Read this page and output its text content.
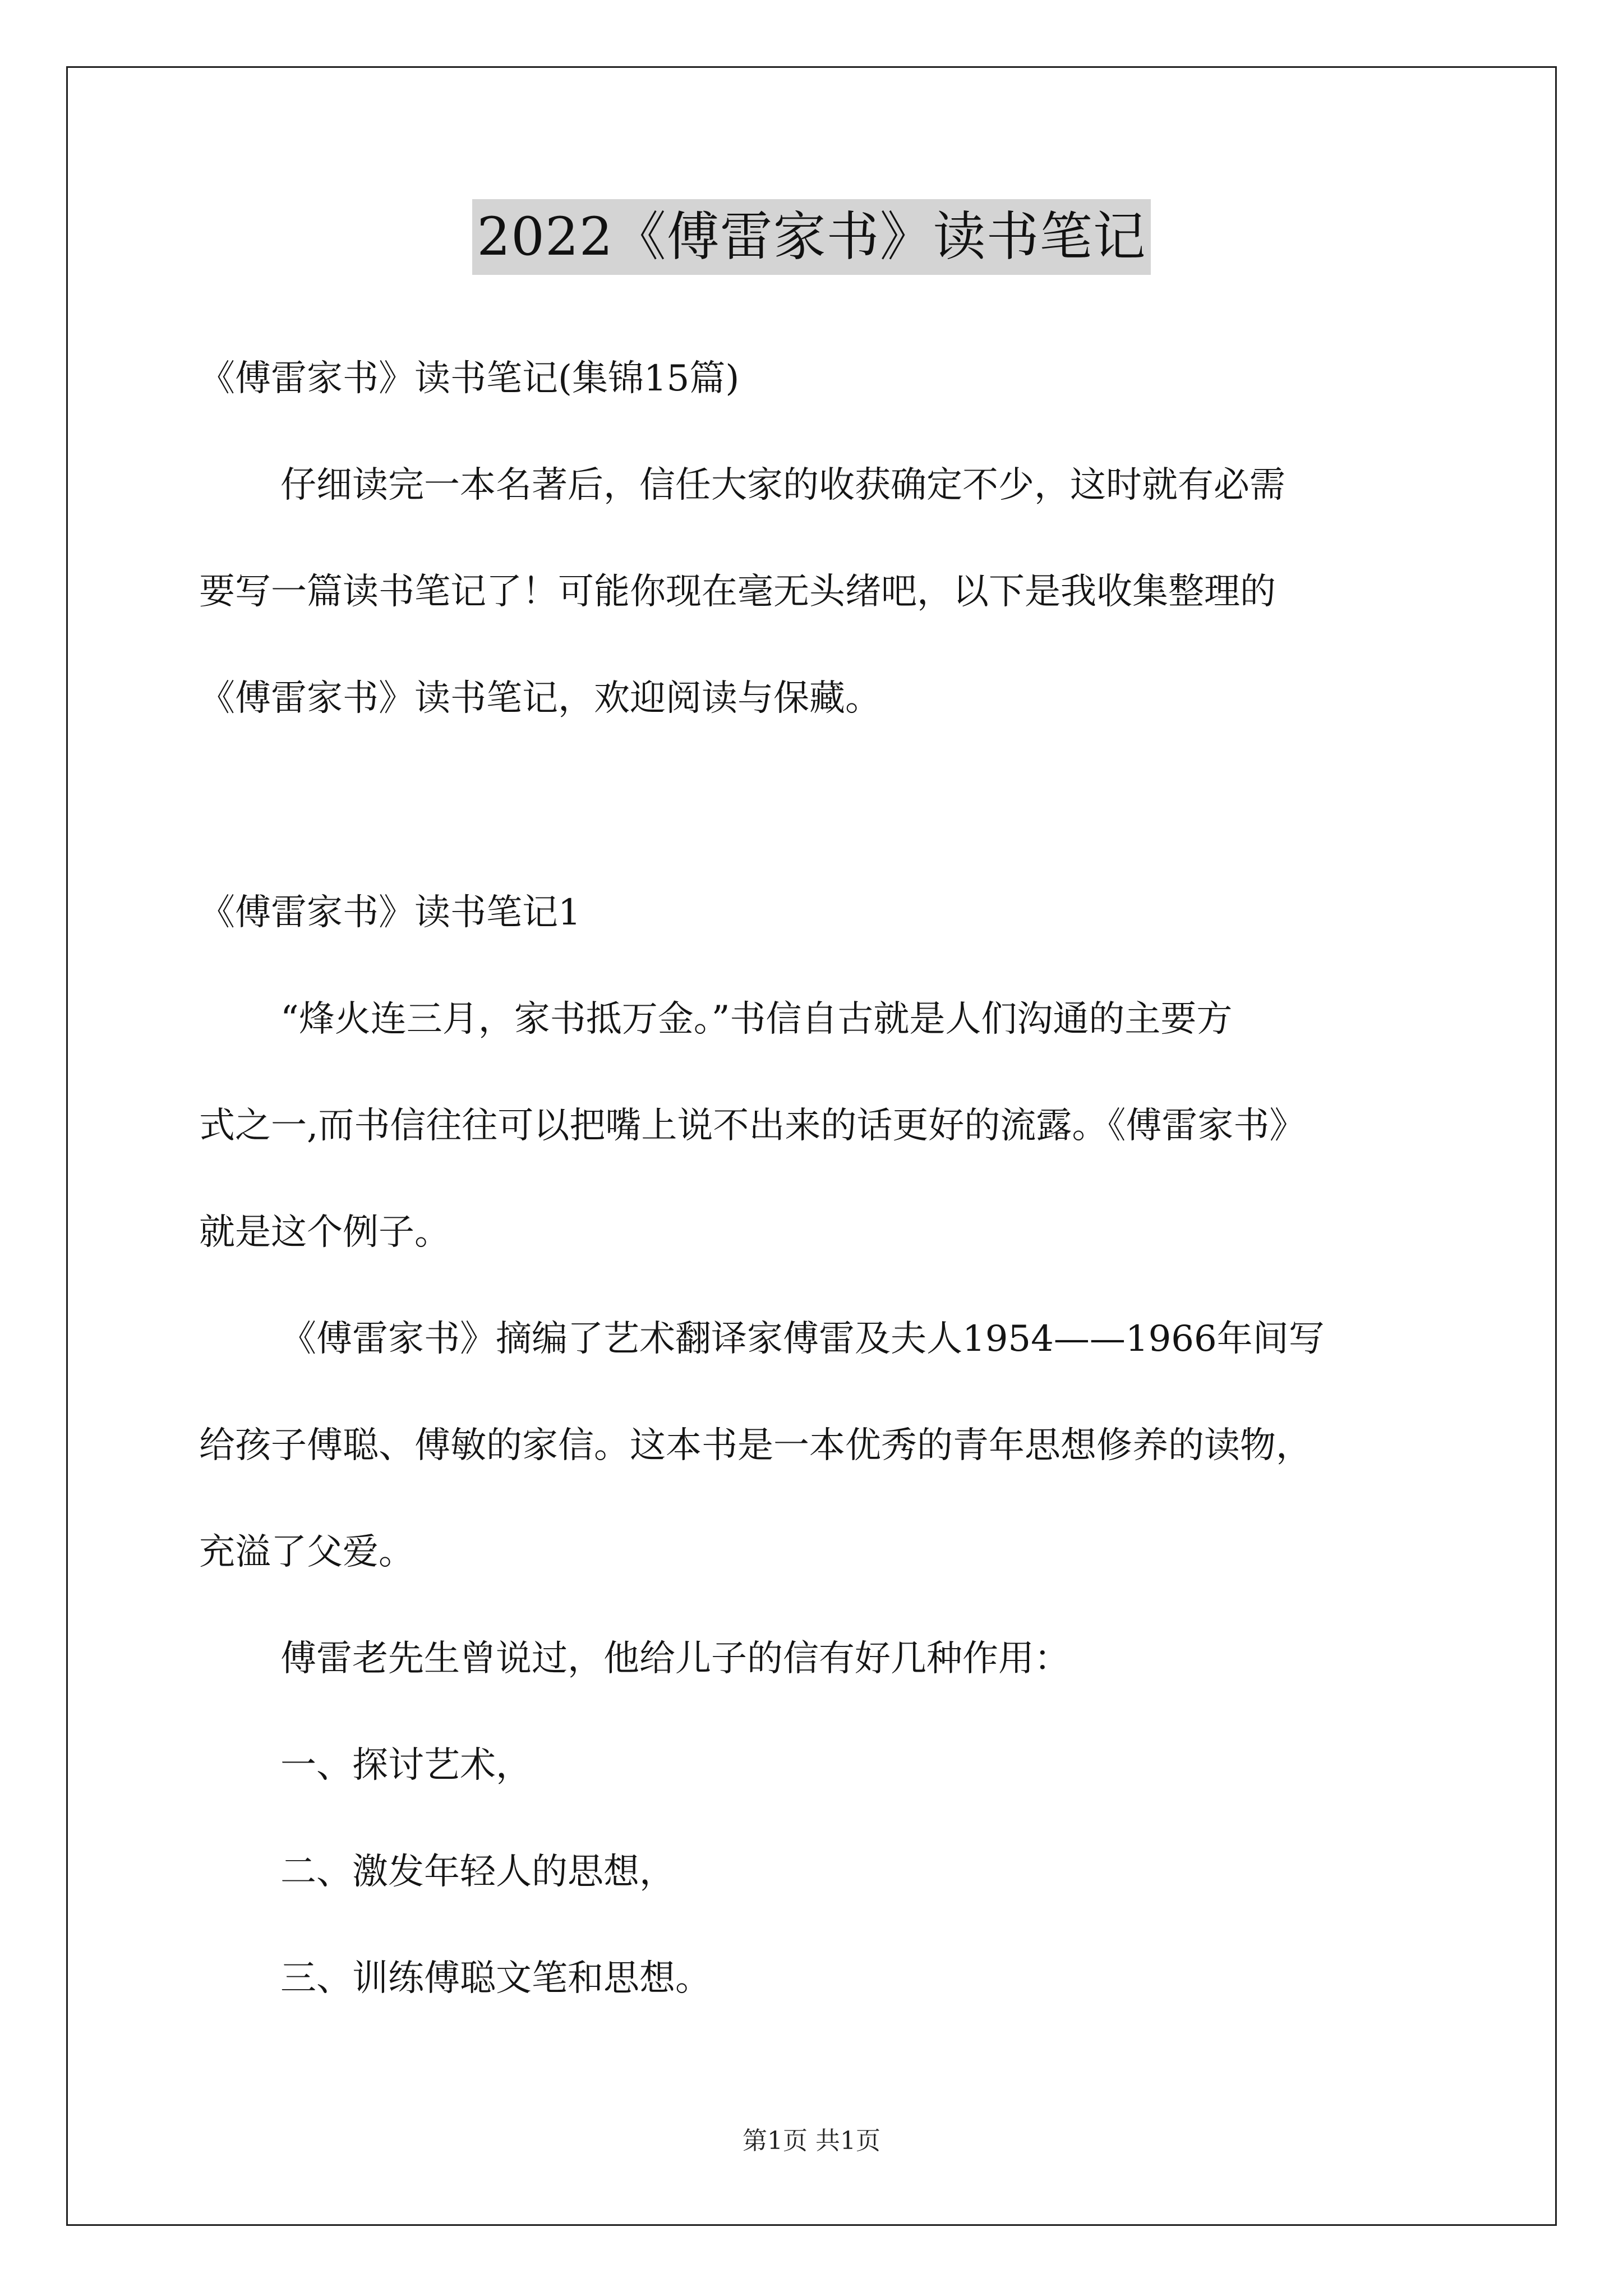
2022《傅雷家书》读书笔记
《傅雷家书》读书笔记(集锦15篇)
仔细读完一本名著后，信任大家的收获确定不少，这时就有必需
要写一篇读书笔记了！可能你现在毫无头绪吧，以下是我收集整理的
《傅雷家书》读书笔记，欢迎阅读与保藏。
《傅雷家书》读书笔记1
“烽火连三月，家书抵万金。”书信自古就是人们沟通的主要方
式之一,而书信往往可以把嘴上说不出来的话更好的流露。《傅雷家书》
就是这个例子。
《傅雷家书》摘编了艺术翻译家傅雷及夫人1954——1966年间写
给孩子傅聪、傅敏的家信。这本书是一本优秀的青年思想修养的读物，
充溢了父爱。
傅雷老先生曾说过，他给儿子的信有好几种作用：
一、探讨艺术，
二、激发年轻人的思想，
三、训练傅聪文笔和思想。
第1页 共1页
